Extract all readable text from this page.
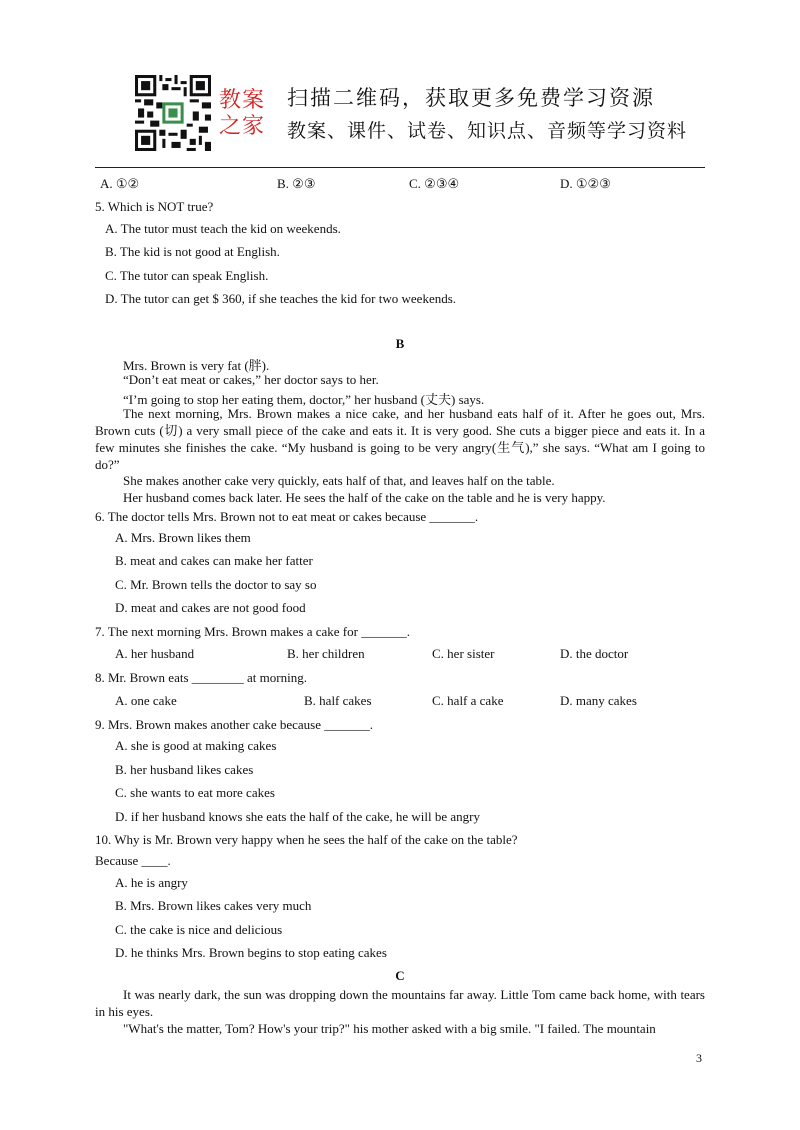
教案
之家
扫描二维码，获取更多免费学习资源
教案、课件、试卷、知识点、音频等学习资料
A. ①②	B. ②③	C. ②③④	D. ①②③
5. Which is NOT true?
A. The tutor must teach the kid on weekends.
B. The kid is not good at English.
C. The tutor can speak English.
D. The tutor can get $ 360, if she teaches the kid for two weekends.
B
Mrs. Brown is very fat (胖).
“Don’t eat meat or cakes,” her doctor says to her.
“I’m going to stop her eating them, doctor,” her husband (丈夫) says.
The next morning, Mrs. Brown makes a nice cake, and her husband eats half of it. After he goes out, Mrs. Brown cuts (切) a very small piece of the cake and eats it. It is very good. She cuts a bigger piece and eats it. In a few minutes she finishes the cake. “My husband is going to be very angry(生气),” she says. “What am I going to do?”
She makes another cake very quickly, eats half of that, and leaves half on the table.
Her husband comes back later. He sees the half of the cake on the table and he is very happy.
6. The doctor tells Mrs. Brown not to eat meat or cakes because _______.
A. Mrs. Brown likes them
B. meat and cakes can make her fatter
C. Mr. Brown tells the doctor to say so
D. meat and cakes are not good food
7. The next morning Mrs. Brown makes a cake for _______.
A. her husband	B. her children	C. her sister	D. the doctor
8. Mr. Brown eats ________ at morning.
A. one cake	B. half cakes	C. half a cake	D. many cakes
9. Mrs. Brown makes another cake because _______.
A. she is good at making cakes
B. her husband likes cakes
C. she wants to eat more cakes
D. if her husband knows she eats the half of the cake, he will be angry
10. Why is Mr. Brown very happy when he sees the half of the cake on the table?
Because ____.
A. he is angry
B. Mrs. Brown likes cakes very much
C. the cake is nice and delicious
D. he thinks Mrs. Brown begins to stop eating cakes
C
It was nearly dark, the sun was dropping down the mountains far away. Little Tom came back home, with tears in his eyes.
"What's the matter, Tom? How's your trip?" his mother asked with a big smile. "I failed. The mountain
3
